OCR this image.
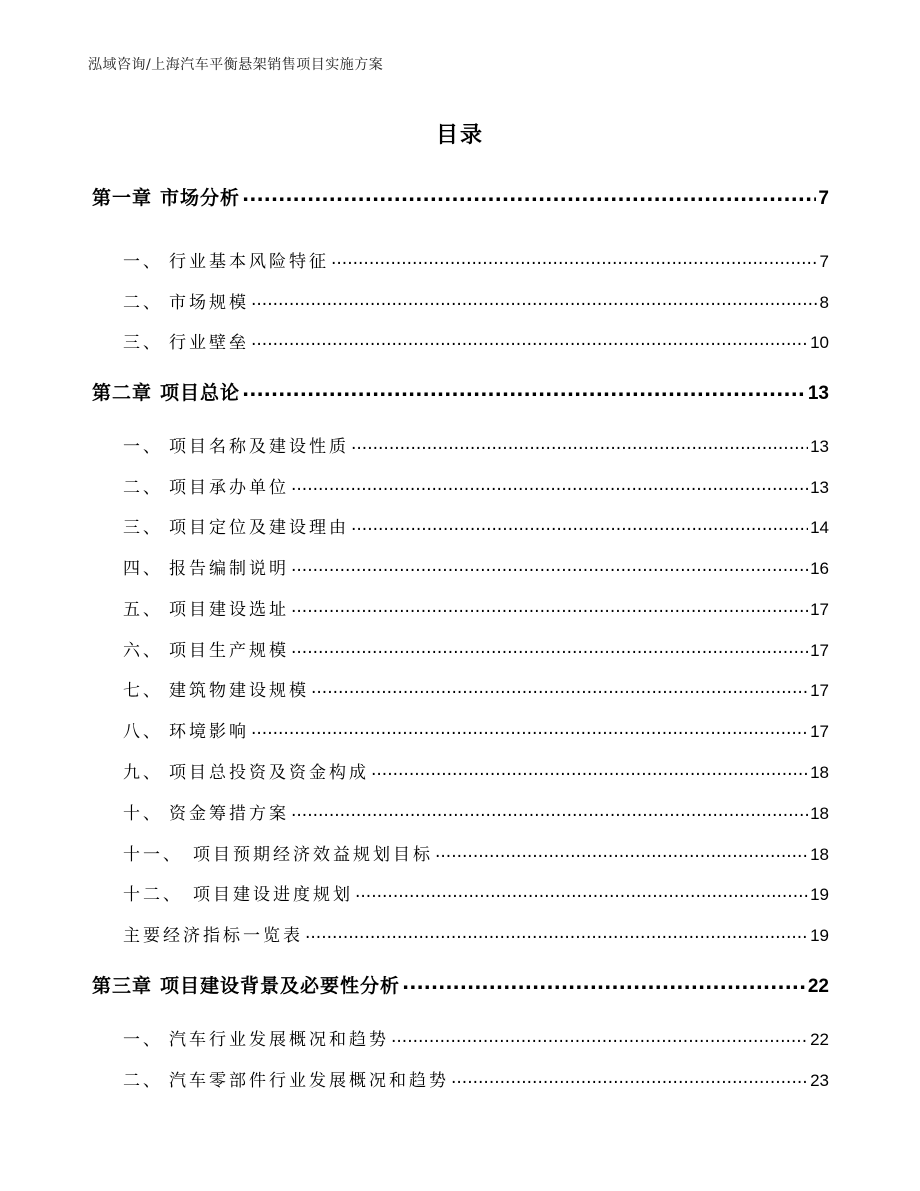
泓域咨询/上海汽车平衡悬架销售项目实施方案
目录
第一章 市场分析 .....	7
一、 行业基本风险特征 .....	7
二、 市场规模 .....	8
三、 行业壁垒 .....	10
第二章 项目总论 .....	13
一、 项目名称及建设性质 .....	13
二、 项目承办单位 .....	13
三、 项目定位及建设理由 .....	14
四、 报告编制说明 .....	16
五、 项目建设选址 .....	17
六、 项目生产规模 .....	17
七、 建筑物建设规模 .....	17
八、 环境影响 .....	17
九、 项目总投资及资金构成 .....	18
十、 资金筹措方案 .....	18
十一、 项目预期经济效益规划目标 .....	18
十二、 项目建设进度规划 .....	19
主要经济指标一览表 .....	19
第三章 项目建设背景及必要性分析 .....	22
一、 汽车行业发展概况和趋势 .....	22
二、 汽车零部件行业发展概况和趋势 .....	23
